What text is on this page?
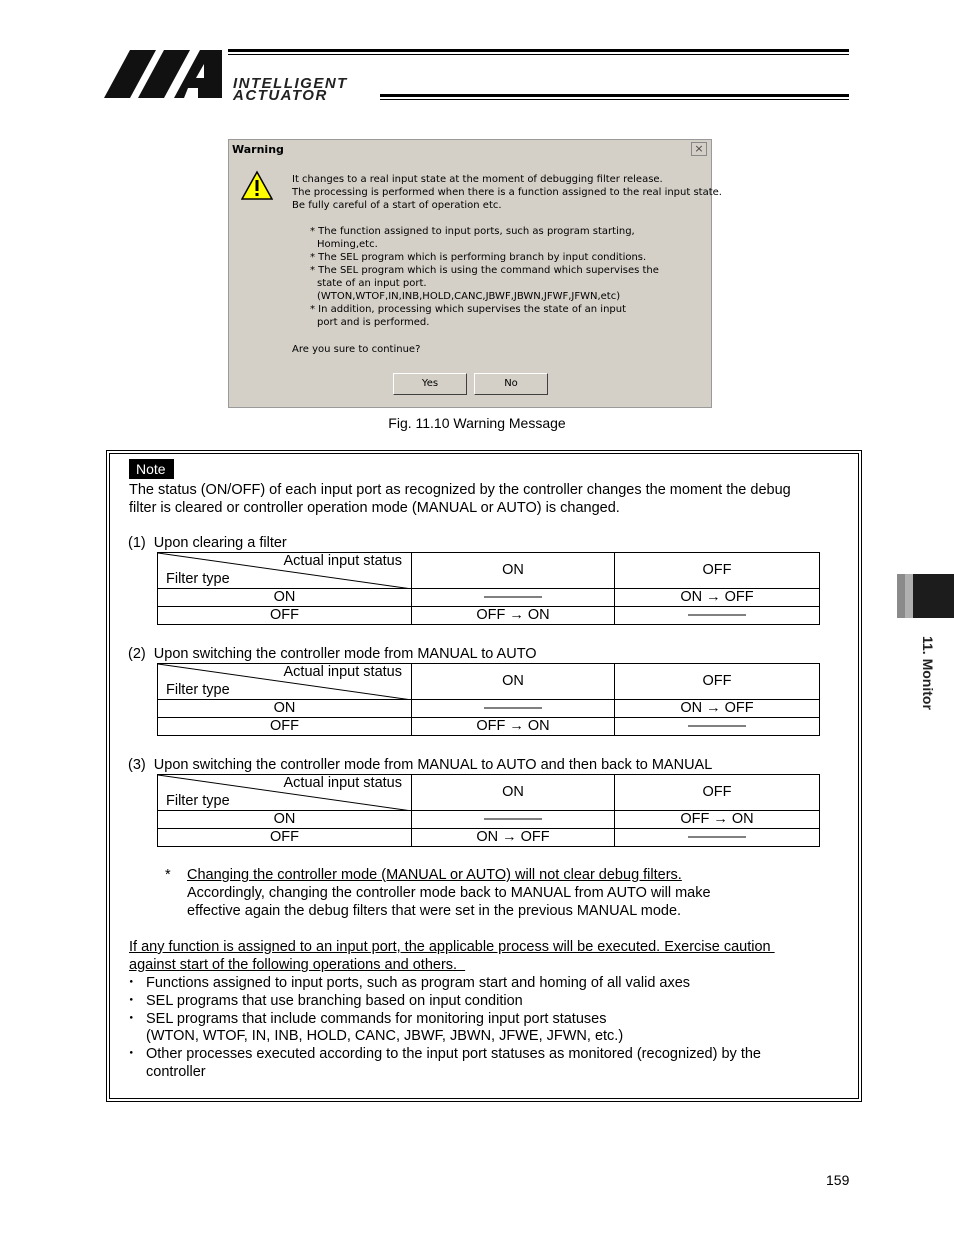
INTELLIGENT
ACTUATOR
Warning	×
It changes to a real input state at the moment of debugging filter release.
The processing is performed when there is a function assigned to the real input state.
Be fully careful of a start of operation etc.
* The function assigned to input ports, such as program starting,
Homing,etc.
* The SEL program which is performing branch by input conditions.
* The SEL program which is using the command which supervises the
state of an input port.
(WTON,WTOF,IN,INB,HOLD,CANC,JBWF,JBWN,JFWF,JFWN,etc)
* In addition, processing which supervises the state of an input
port and is performed.
Are you sure to continue?
Yes	No
Fig. 11.10 Warning Message
Note
The status (ON/OFF) of each input port as recognized by the controller changes the moment the debug
filter is cleared or controller operation mode (MANUAL or AUTO) is changed.
(1)  Upon clearing a filter
Actual input status
Filter type	ON	OFF
ON	————	ON → OFF
OFF	OFF → ON	————
(2)  Upon switching the controller mode from MANUAL to AUTO
Actual input status
Filter type	ON	OFF
ON	————	ON → OFF
OFF	OFF → ON	————
(3)  Upon switching the controller mode from MANUAL to AUTO and then back to MANUAL
Actual input status
Filter type	ON	OFF
ON	————	OFF → ON
OFF	ON → OFF	————
* Changing the controller mode (MANUAL or AUTO) will not clear debug filters.
Accordingly, changing the controller mode back to MANUAL from AUTO will make
effective again the debug filters that were set in the previous MANUAL mode.
If any function is assigned to an input port, the applicable process will be executed. Exercise caution
against start of the following operations and others.
・ Functions assigned to input ports, such as program start and homing of all valid axes
・ SEL programs that use branching based on input condition
・ SEL programs that include commands for monitoring input port statuses
(WTON, WTOF, IN, INB, HOLD, CANC, JBWF, JBWN, JFWE, JFWN, etc.)
・ Other processes executed according to the input port statuses as monitored (recognized) by the
controller
11. Monitor
159
